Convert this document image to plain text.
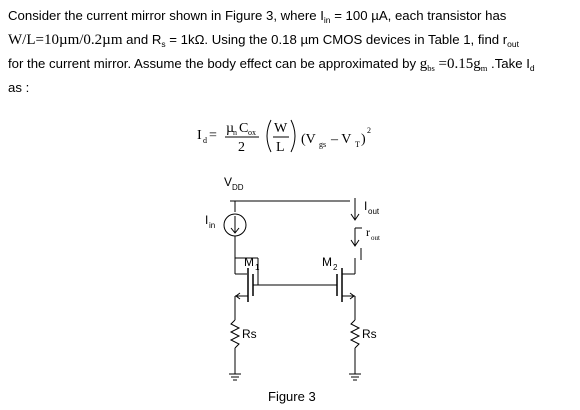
Consider the current mirror shown in Figure 3, where $I_{in} = 100$ µA, each transistor has

W/L=10µm/0.2µm and $R_s = 1k\Omega$. Using the 0.18 µm CMOS devices in Table 1, find $r_{out}$

for the current mirror. Assume the body effect can be approximated by $g_{bs} =0.15g_m$ .Take $I_d$

as :

I d = µ
n C ox
2
W
L
(V gs – V T )
2
V DD
I in
I out
r out
M 1	M 2
Rs	Rs
Figure 3
